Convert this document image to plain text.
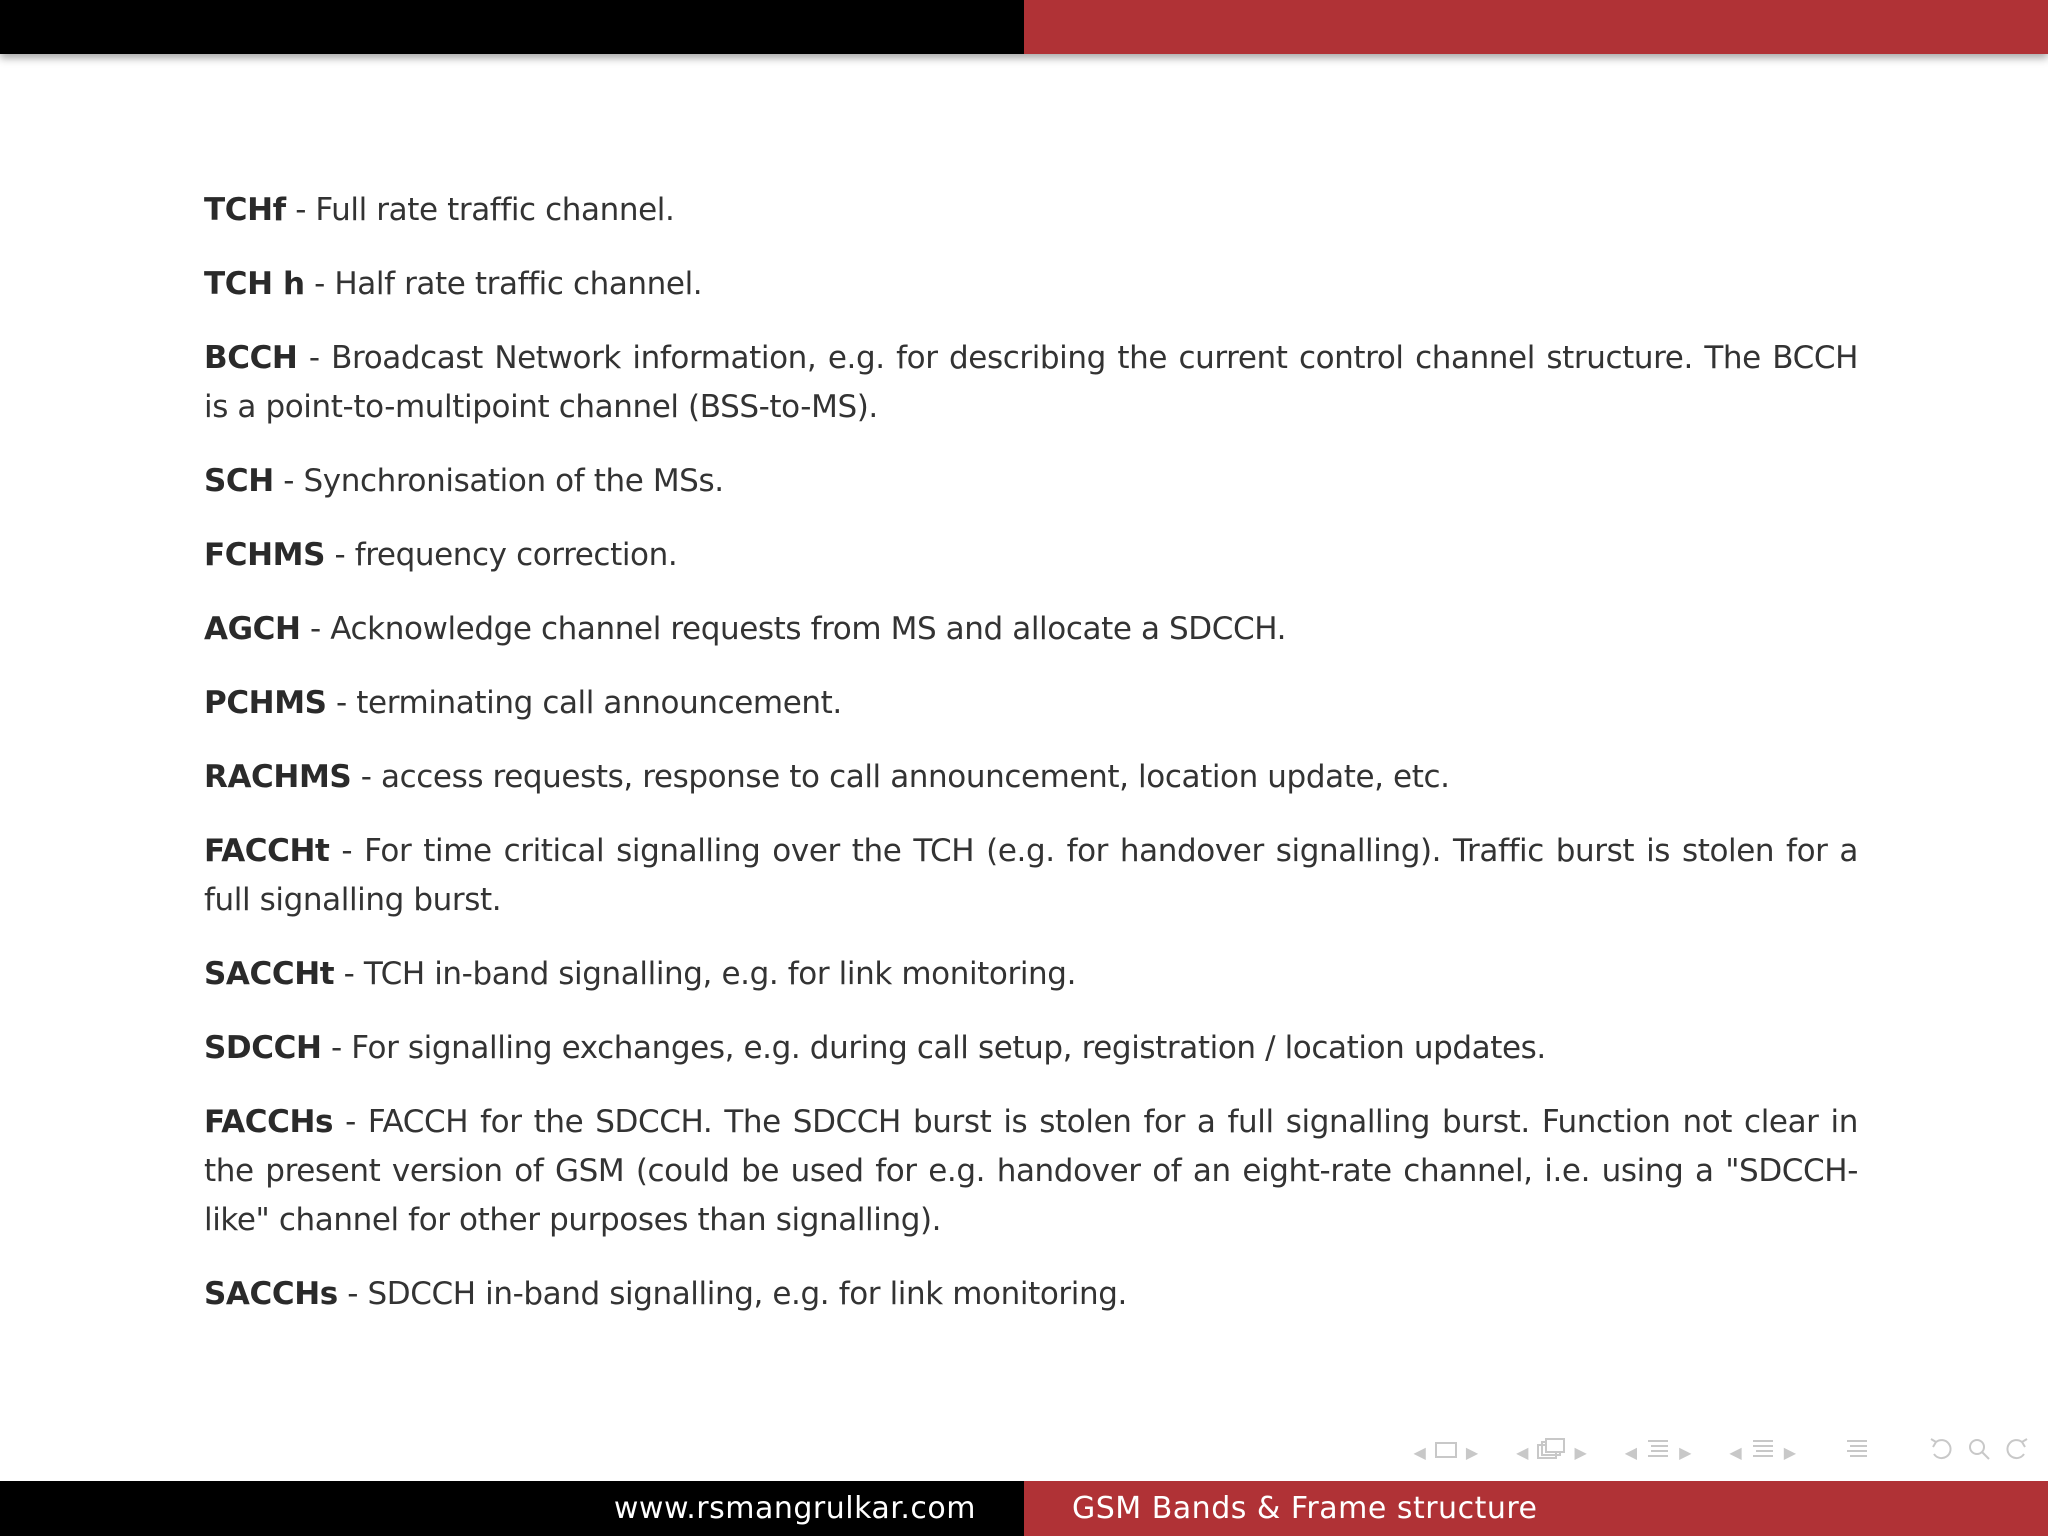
TCHf - Full rate traffic channel.

TCH h - Half rate traffic channel.

BCCH - Broadcast Network information, e.g. for describing the current control channel structure. The BCCH is a point-to-multipoint channel (BSS-to-MS).

SCH - Synchronisation of the MSs.

FCHMS - frequency correction.

AGCH - Acknowledge channel requests from MS and allocate a SDCCH.

PCHMS - terminating call announcement.

RACHMS - access requests, response to call announcement, location update, etc.

FACCHt - For time critical signalling over the TCH (e.g. for handover signalling). Traffic burst is stolen for a full signalling burst.

SACCHt - TCH in-band signalling, e.g. for link monitoring.

SDCCH - For signalling exchanges, e.g. during call setup, registration / location updates.

FACCHs - FACCH for the SDCCH. The SDCCH burst is stolen for a full signalling burst. Function not clear in the present version of GSM (could be used for e.g. handover of an eight-rate channel, i.e. using a "SDCCH-like" channel for other purposes than signalling).

SACCHs - SDCCH in-band signalling, e.g. for link monitoring.

◀	▶ ◀	▶ ◀	▶ ◀	▶
www.rsmangrulkar.com	GSM Bands & Frame structure
